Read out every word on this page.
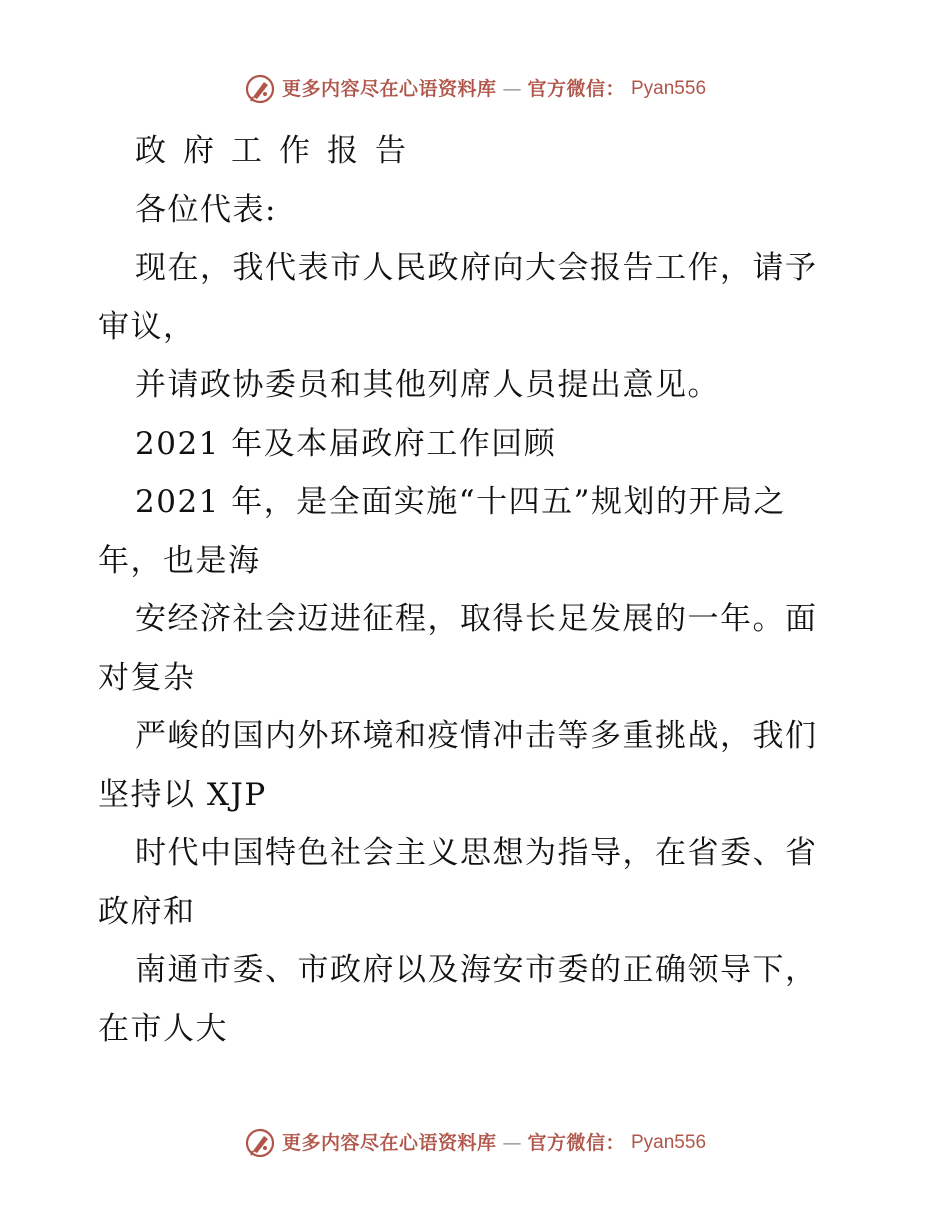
更多内容尽在心语资料库 — 官方微信： Pyan556
政府工作报告
各位代表:
现在，我代表市人民政府向大会报告工作，请予
审议，
并请政协委员和其他列席人员提出意见。
2021 年及本届政府工作回顾
2021 年，是全面实施“十四五”规划的开局之
年，也是海
安经济社会迈进征程，取得长足发展的一年。面
对复杂
严峻的国内外环境和疫情冲击等多重挑战，我们
坚持以 XJP
时代中国特色社会主义思想为指导，在省委、省
政府和
南通市委、市政府以及海安市委的正确领导下，
在市人大
更多内容尽在心语资料库 — 官方微信： Pyan556
